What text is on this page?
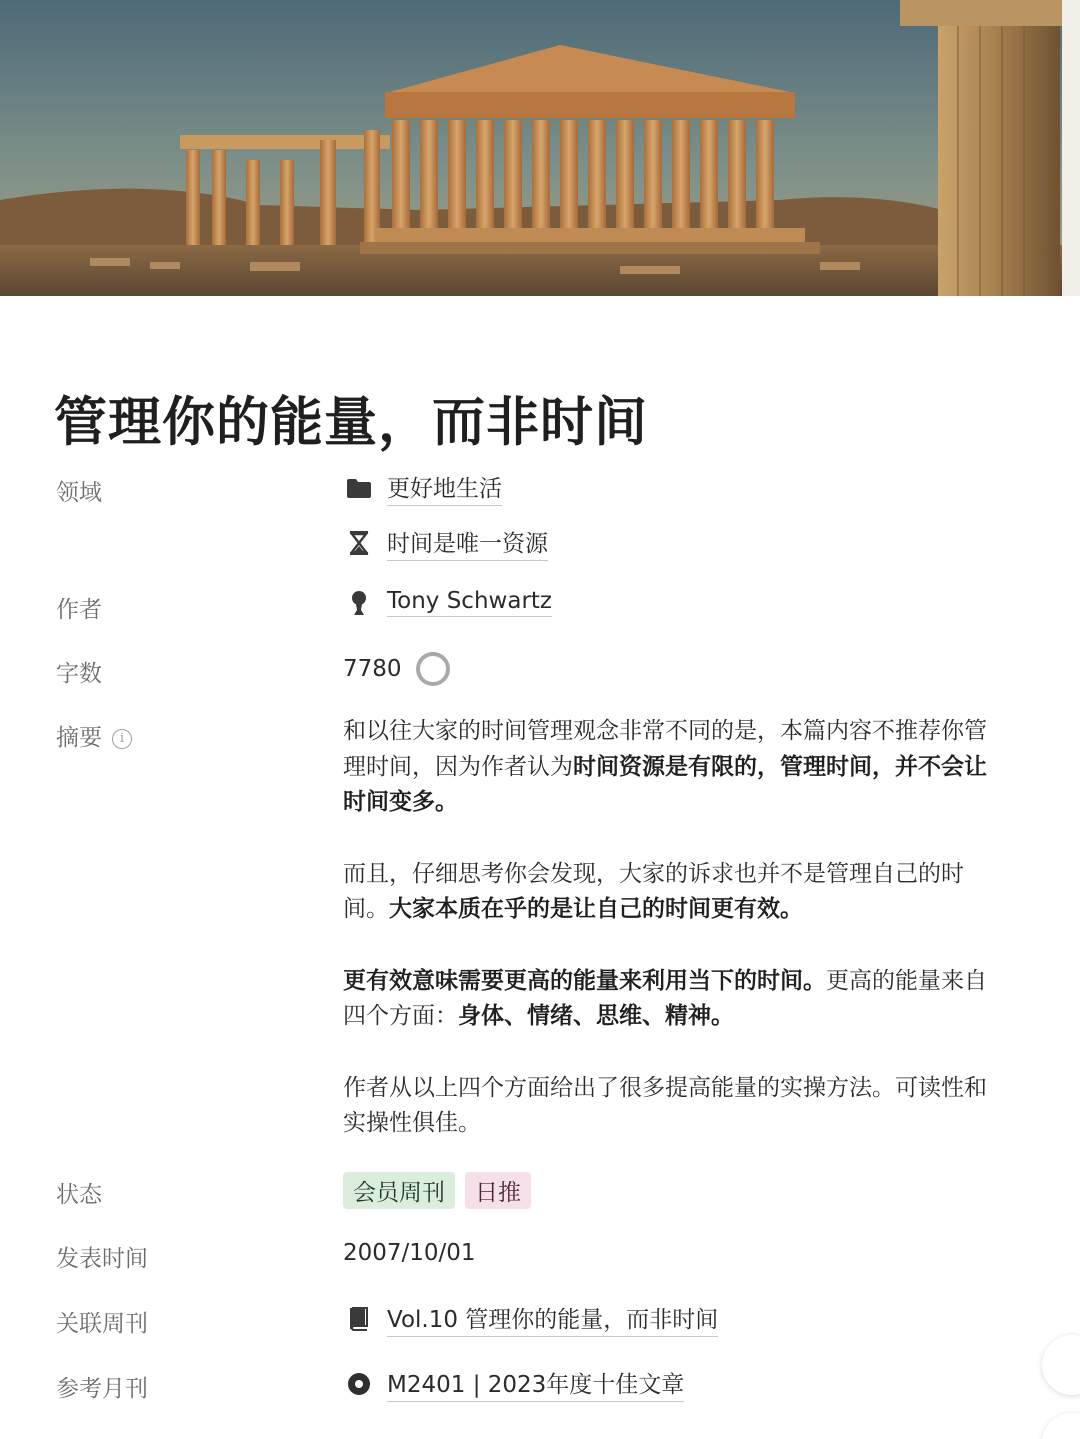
管理你的能量，而非时间
领域	更好地生活
时间是唯一资源
作者	Tony Schwartz
字数	7780
摘要 i	和以往大家的时间管理观念非常不同的是，本篇内容不推荐你管理时间，因为作者认为时间资源是有限的，管理时间，并不会让时间变多。

而且，仔细思考你会发现，大家的诉求也并不是管理自己的时间。大家本质在乎的是让自己的时间更有效。

更有效意味需要更高的能量来利用当下的时间。更高的能量来自四个方面：身体、情绪、思维、精神。

作者从以上四个方面给出了很多提高能量的实操方法。可读性和实操性俱佳。

状态	会员周刊 日推
发表时间	2007/10/01
关联周刊	Vol.10 管理你的能量，而非时间
参考月刊	M2401 | 2023年度十佳文章
